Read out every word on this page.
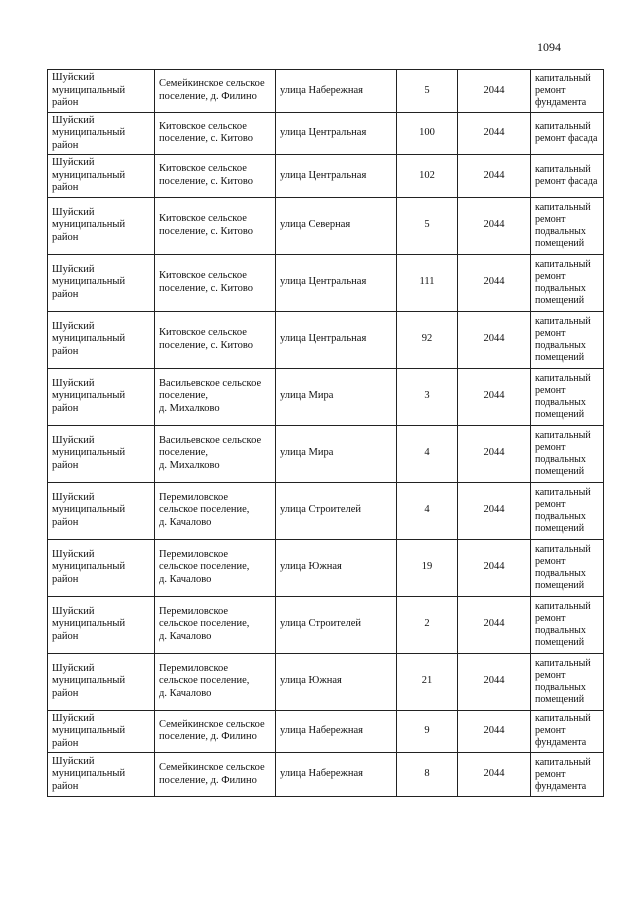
1094
Шуйский
муниципальный
район	Семейкинское сельское
поселение, д. Филино	улица Набережная	5	2044	капитальный
ремонт
фундамента

Шуйский
муниципальный
район	Китовское сельское
поселение, с. Китово	улица Центральная	100	2044	капитальный
ремонт фасада

Шуйский
муниципальный
район	Китовское сельское
поселение, с. Китово	улица Центральная	102	2044	капитальный
ремонт фасада

Шуйский
муниципальный
район	Китовское сельское
поселение, с. Китово	улица Северная	5	2044	капитальный
ремонт
подвальных
помещений

Шуйский
муниципальный
район	Китовское сельское
поселение, с. Китово	улица Центральная	111	2044	капитальный
ремонт
подвальных
помещений

Шуйский
муниципальный
район	Китовское сельское
поселение, с. Китово	улица Центральная	92	2044	капитальный
ремонт
подвальных
помещений

Шуйский
муниципальный
район	Васильевское сельское
поселение,
д. Михалково	улица Мира	3	2044	капитальный
ремонт
подвальных
помещений

Шуйский
муниципальный
район	Васильевское сельское
поселение,
д. Михалково	улица Мира	4	2044	капитальный
ремонт
подвальных
помещений

Шуйский
муниципальный
район	Перемиловское
сельское поселение,
д. Качалово	улица Строителей	4	2044	капитальный
ремонт
подвальных
помещений

Шуйский
муниципальный
район	Перемиловское
сельское поселение,
д. Качалово	улица Южная	19	2044	капитальный
ремонт
подвальных
помещений

Шуйский
муниципальный
район	Перемиловское
сельское поселение,
д. Качалово	улица Строителей	2	2044	капитальный
ремонт
подвальных
помещений

Шуйский
муниципальный
район	Перемиловское
сельское поселение,
д. Качалово	улица Южная	21	2044	капитальный
ремонт
подвальных
помещений

Шуйский
муниципальный
район	Семейкинское сельское
поселение, д. Филино	улица Набережная	9	2044	капитальный
ремонт
фундамента

Шуйский
муниципальный
район	Семейкинское сельское
поселение, д. Филино	улица Набережная	8	2044	капитальный
ремонт
фундамента
